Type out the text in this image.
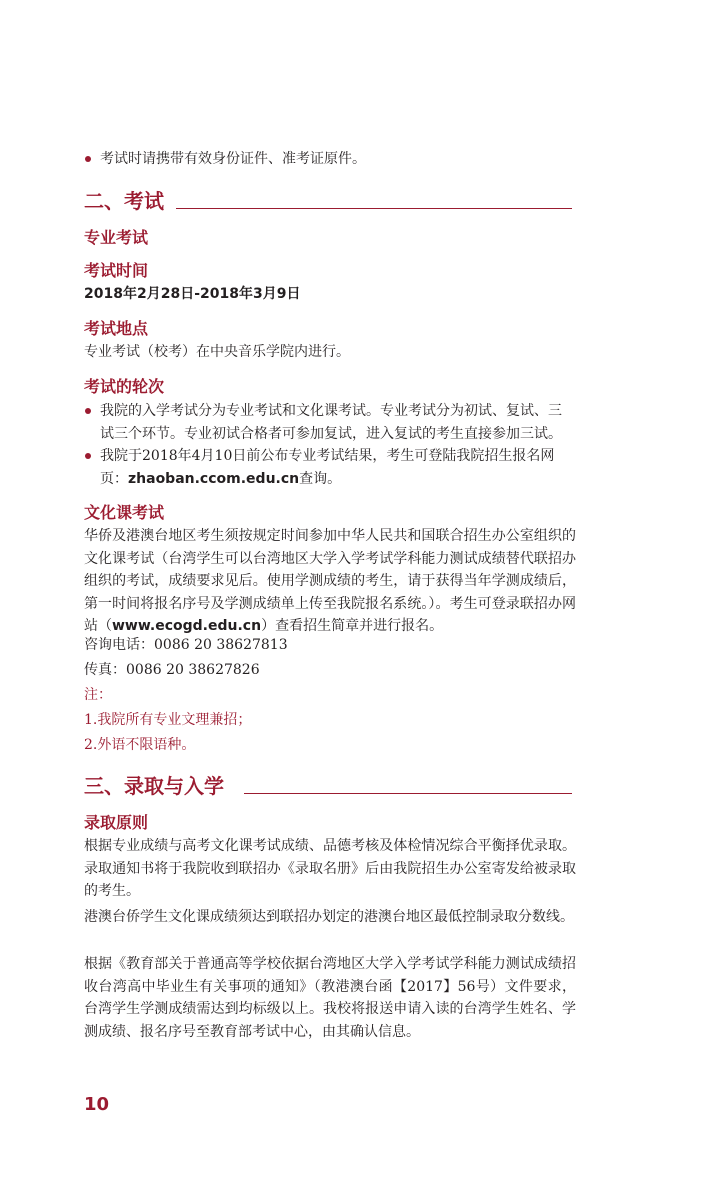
考试时请携带有效身份证件、准考证原件。
二、考试
专业考试
考试时间
2018年2月28日-2018年3月9日
考试地点
专业考试（校考）在中央音乐学院内进行。
考试的轮次
我院的入学考试分为专业考试和文化课考试。专业考试分为初试、复试、三试三个环节。专业初试合格者可参加复试，进入复试的考生直接参加三试。
我院于2018年4月10日前公布专业考试结果，考生可登陆我院招生报名网页：zhaoban.ccom.edu.cn查询。
文化课考试
华侨及港澳台地区考生须按规定时间参加中华人民共和国联合招生办公室组织的文化课考试（台湾学生可以台湾地区大学入学考试学科能力测试成绩替代联招办组织的考试，成绩要求见后。使用学测成绩的考生，请于获得当年学测成绩后，第一时间将报名序号及学测成绩单上传至我院报名系统。）。考生可登录联招办网站（www.ecogd.edu.cn）查看招生简章并进行报名。
咨询电话：0086 20 38627813
传真：0086 20 38627826
注：
1.我院所有专业文理兼招；
2.外语不限语种。
三、录取与入学
录取原则
根据专业成绩与高考文化课考试成绩、品德考核及体检情况综合平衡择优录取。录取通知书将于我院收到联招办《录取名册》后由我院招生办公室寄发给被录取的考生。
港澳台侨学生文化课成绩须达到联招办划定的港澳台地区最低控制录取分数线。
根据《教育部关于普通高等学校依据台湾地区大学入学考试学科能力测试成绩招收台湾高中毕业生有关事项的通知》（教港澳台函【2017】56号）文件要求，台湾学生学测成绩需达到均标级以上。我校将报送申请入读的台湾学生姓名、学测成绩、报名序号至教育部考试中心，由其确认信息。
10
